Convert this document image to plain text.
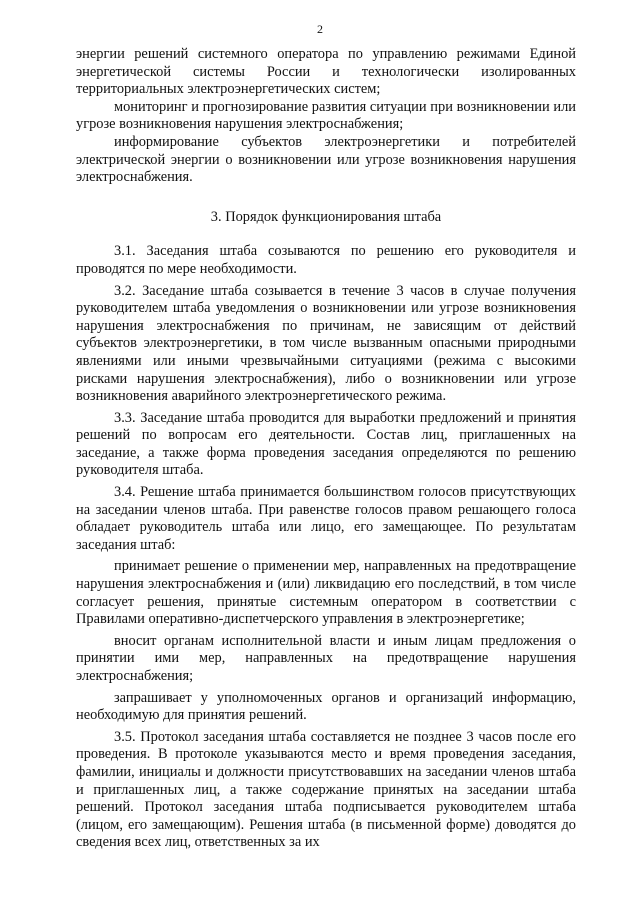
2

энергии решений системного оператора по управлению режимами Единой энергетической системы России и технологически изолированных территориальных электроэнергетических систем;

мониторинг и прогнозирование развития ситуации при возникновении или угрозе возникновения нарушения электроснабжения;

информирование субъектов электроэнергетики и потребителей электрической энергии о возникновении или угрозе возникновения нарушения электроснабжения.

3. Порядок функционирования штаба

3.1. Заседания штаба созываются по решению его руководителя и проводятся по мере необходимости.

3.2. Заседание штаба созывается в течение 3 часов в случае получения руководителем штаба уведомления о возникновении или угрозе возникновения нарушения электроснабжения по причинам, не зависящим от действий субъектов электроэнергетики, в том числе вызванным опасными природными явлениями или иными чрезвычайными ситуациями (режима с высокими рисками нарушения электроснабжения), либо о возникновении или угрозе возникновения аварийного электроэнергетического режима.

3.3. Заседание штаба проводится для выработки предложений и принятия решений по вопросам его деятельности. Состав лиц, приглашенных на заседание, а также форма проведения заседания определяются по решению руководителя штаба.

3.4. Решение штаба принимается большинством голосов присутствующих на заседании членов штаба. При равенстве голосов правом решающего голоса обладает руководитель штаба или лицо, его замещающее. По результатам заседания штаб:

принимает решение о применении мер, направленных на предотвращение нарушения электроснабжения и (или) ликвидацию его последствий, в том числе согласует решения, принятые системным оператором в соответствии с Правилами оперативно-диспетчерского управления в электроэнергетике;

вносит органам исполнительной власти и иным лицам предложения о принятии ими мер, направленных на предотвращение нарушения электроснабжения;

запрашивает у уполномоченных органов и организаций информацию, необходимую для принятия решений.

3.5. Протокол заседания штаба составляется не позднее 3 часов после его проведения. В протоколе указываются место и время проведения заседания, фамилии, инициалы и должности присутствовавших на заседании членов штаба и приглашенных лиц, а также содержание принятых на заседании штаба решений. Протокол заседания штаба подписывается руководителем штаба (лицом, его замещающим). Решения штаба (в письменной форме) доводятся до сведения всех лиц, ответственных за их
